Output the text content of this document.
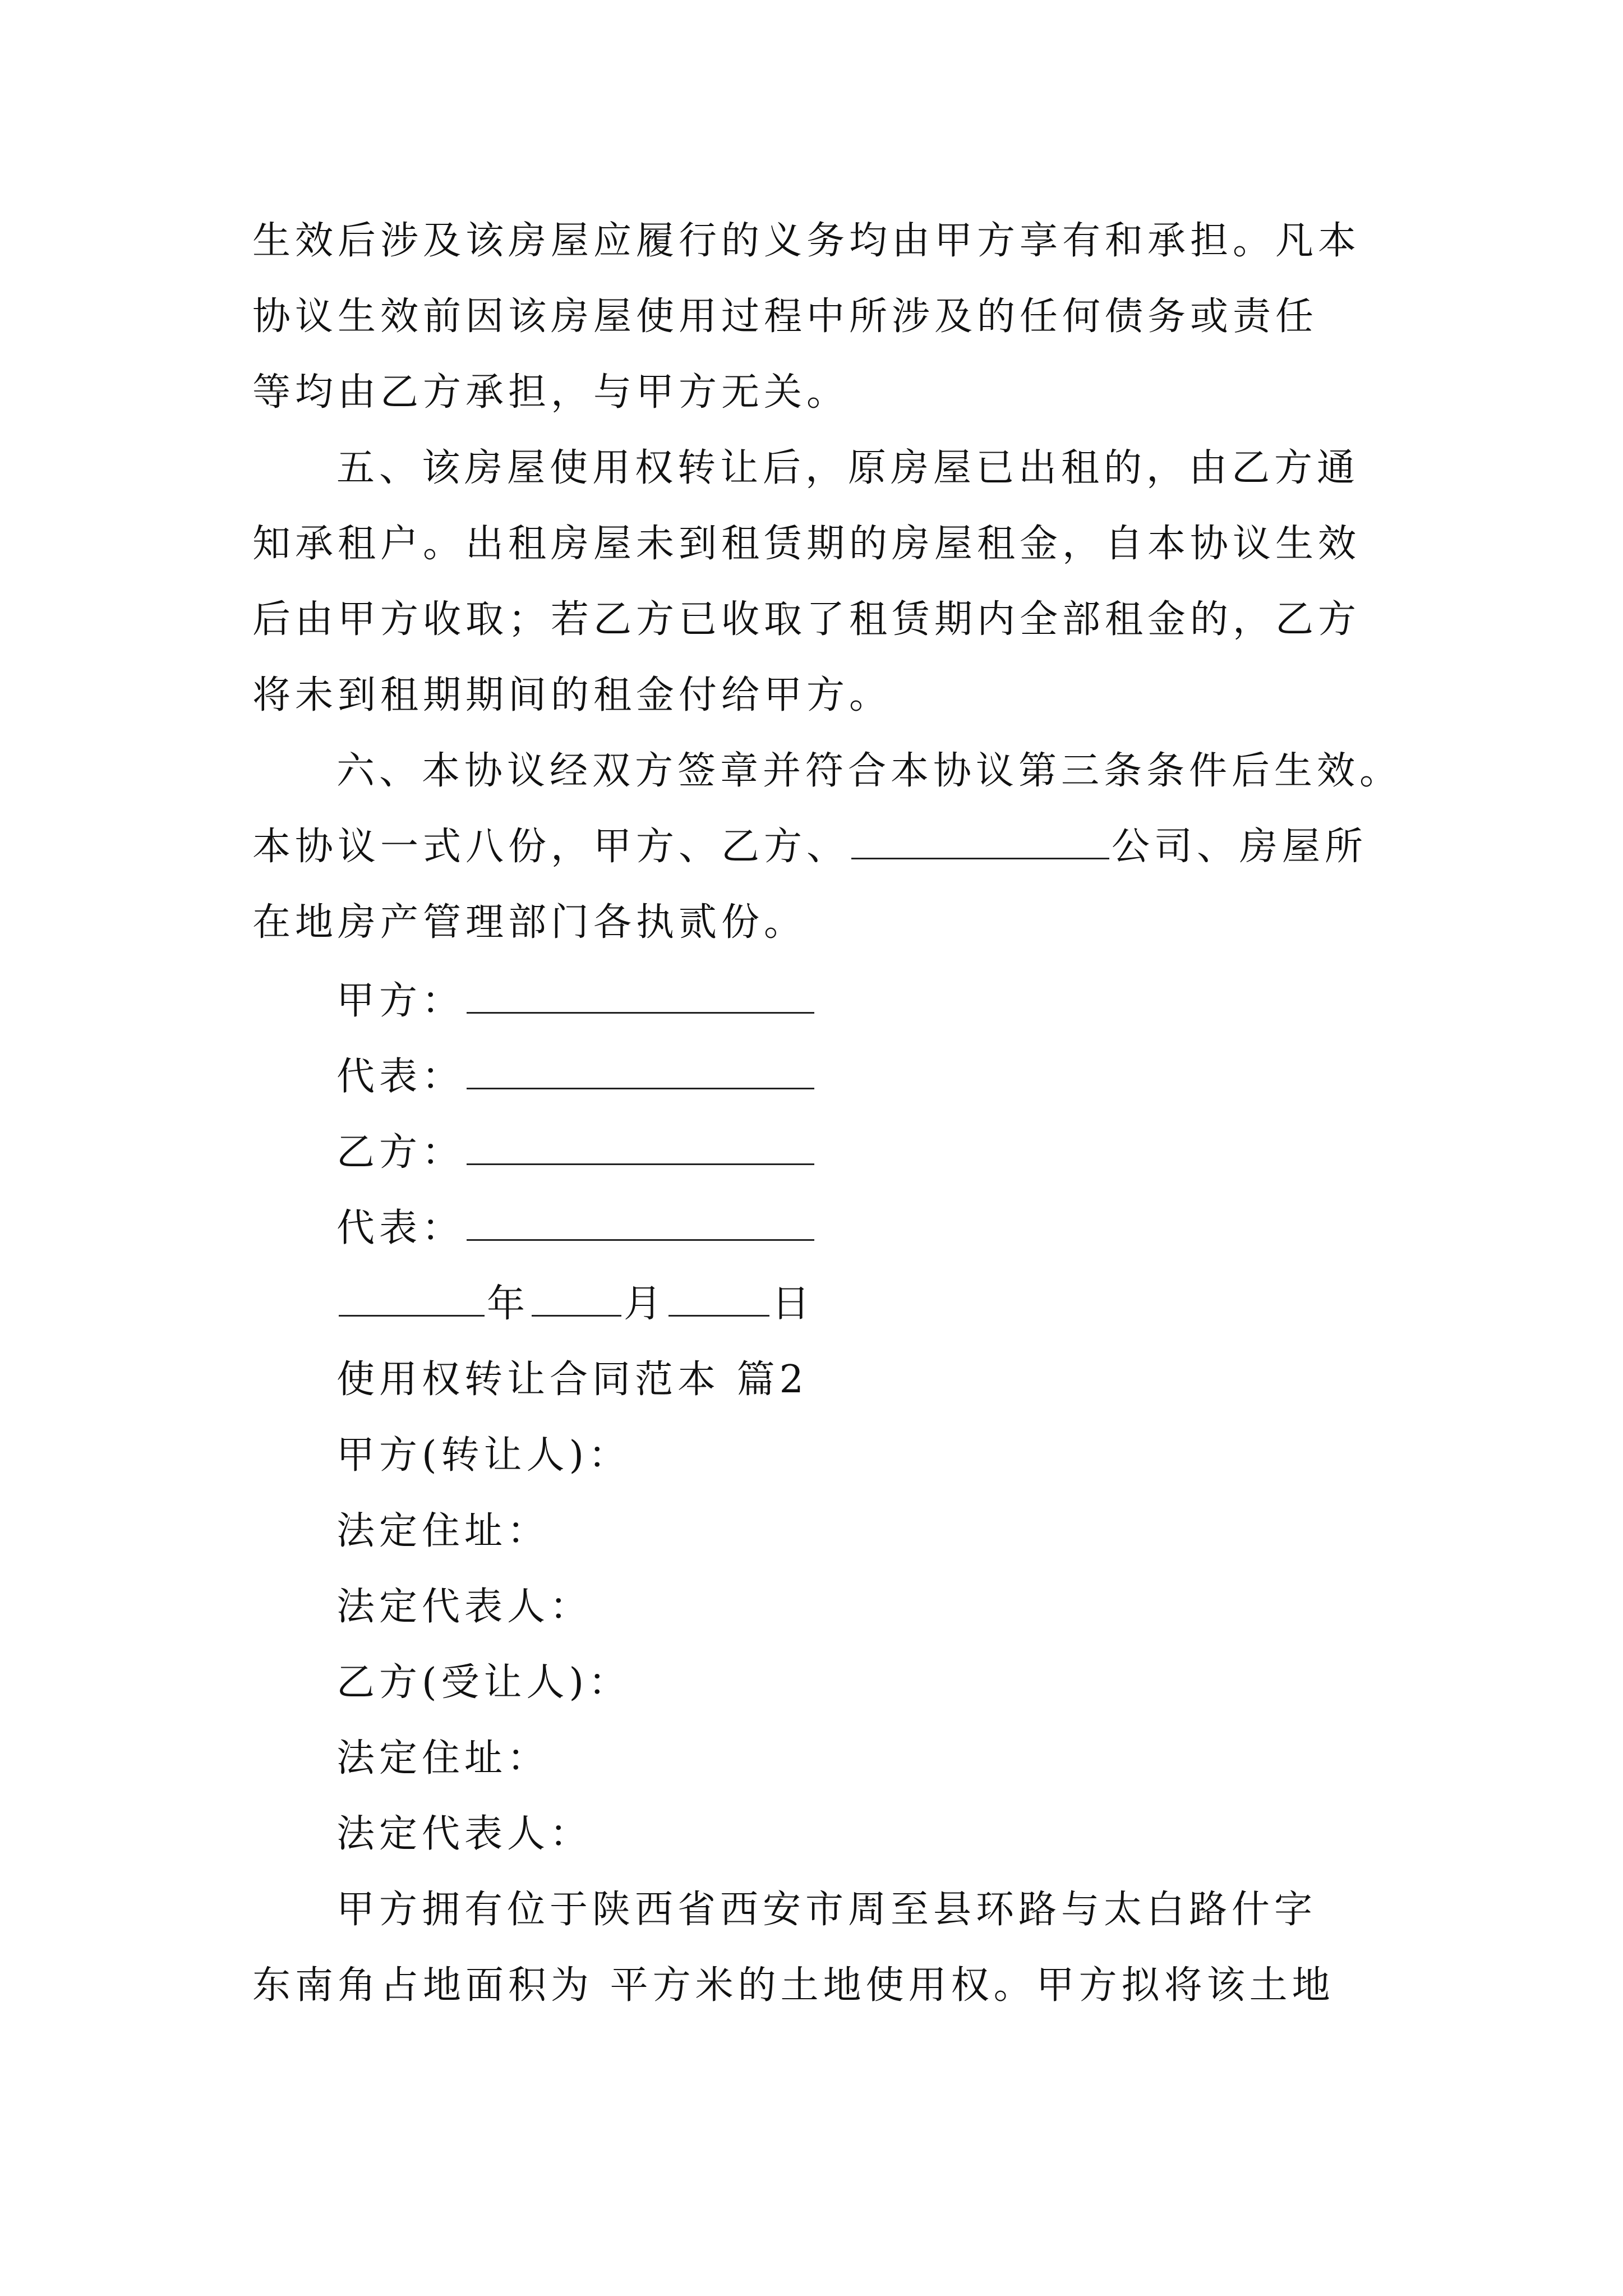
生效后涉及该房屋应履行的义务均由甲方享有和承担。凡本
协议生效前因该房屋使用过程中所涉及的任何债务或责任
等均由乙方承担，与甲方无关。
五、该房屋使用权转让后，原房屋已出租的，由乙方通
知承租户。出租房屋未到租赁期的房屋租金，自本协议生效
后由甲方收取；若乙方已收取了租赁期内全部租金的，乙方
将未到租期期间的租金付给甲方。
六、本协议经双方签章并符合本协议第三条条件后生效。
本协议一式八份，甲方、乙方、	公司、房屋所
在地房产管理部门各执贰份。
甲方：
代表：
乙方：
代表：
年 月	日
使用权转让合同范本 篇2
甲方(转让人)：
法定住址：
法定代表人：
乙方(受让人)：
法定住址：
法定代表人：
甲方拥有位于陕西省西安市周至县环路与太白路什字
东南角占地面积为 平方米的土地使用权。甲方拟将该土地
